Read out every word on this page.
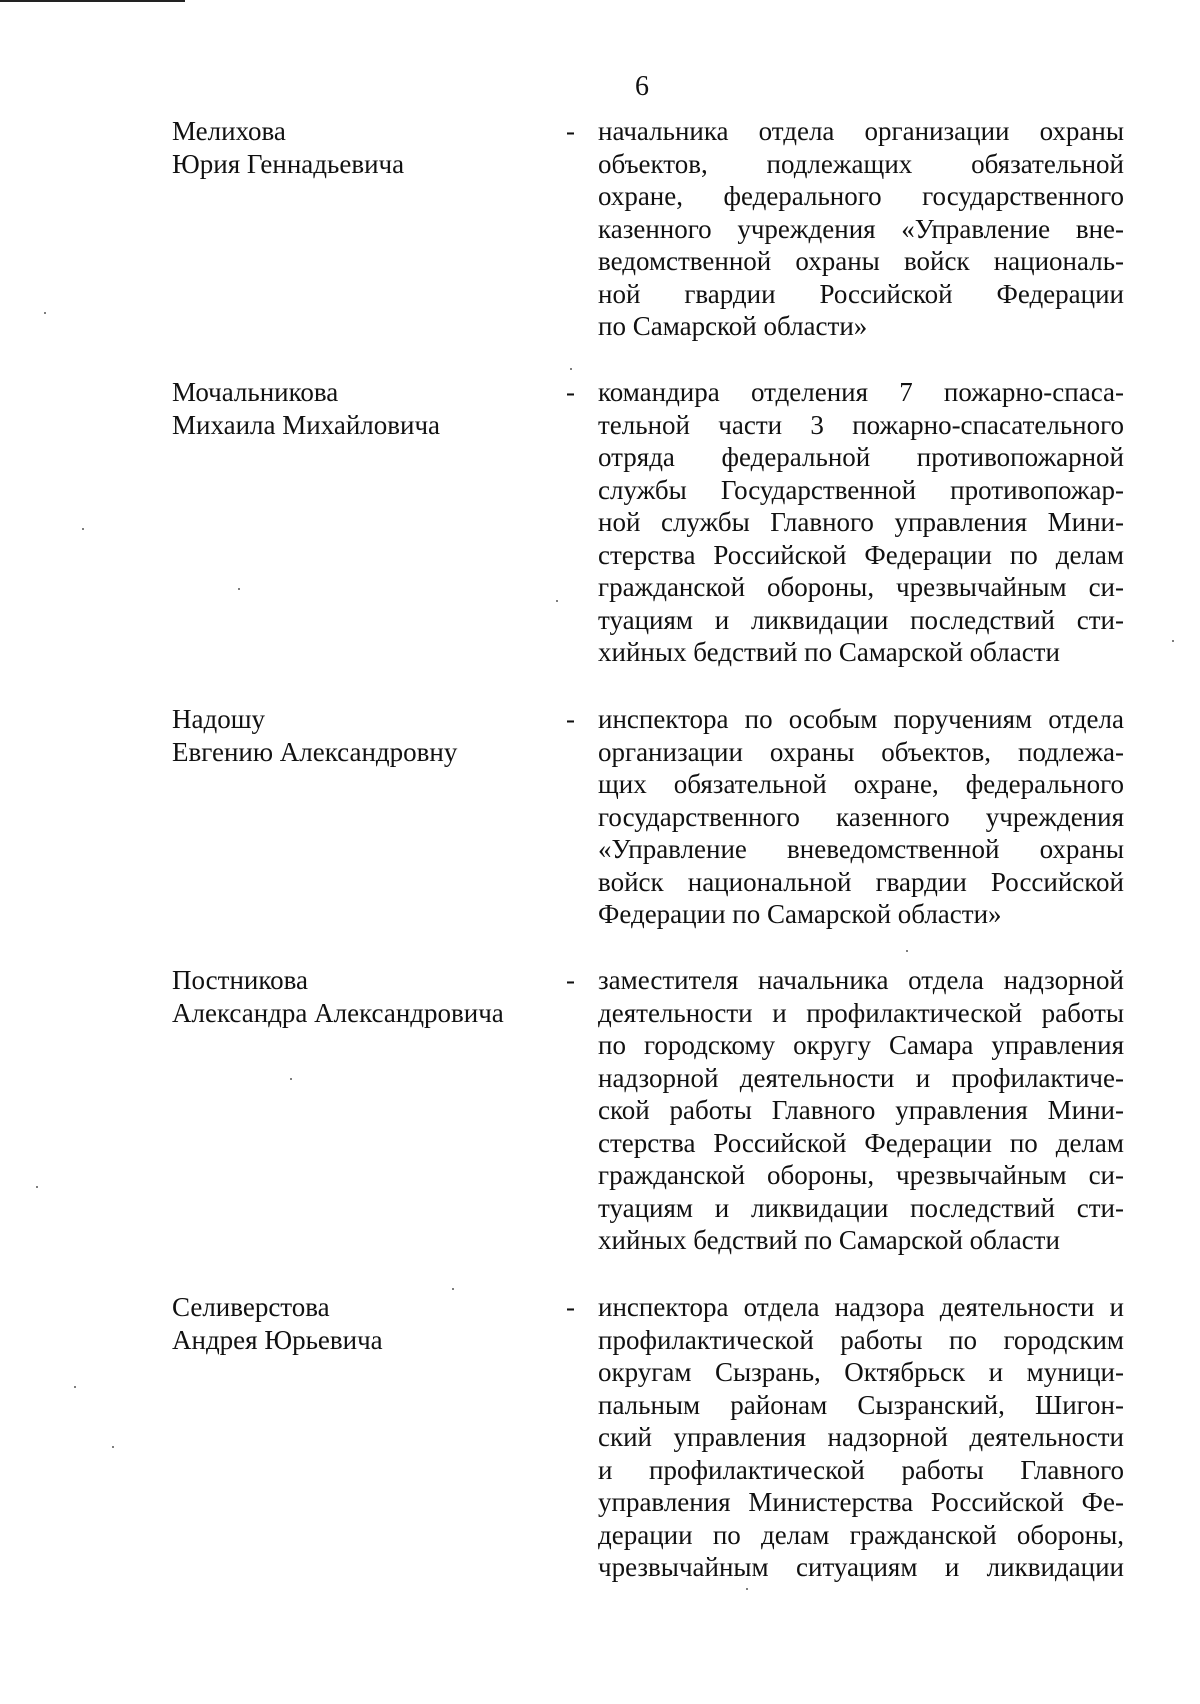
6
Мелихова
Юрия Геннадьевича
- начальника отдела организации охраны
объектов, подлежащих обязательной
охране, федерального государственного
казенного учреждения «Управление вне-
ведомственной охраны войск националь-
ной гвардии Российской Федерации
по Самарской области»
Мочальникова
Михаила Михайловича
- командира отделения 7 пожарно-спаса-
тельной части 3 пожарно-спасательного
отряда федеральной противопожарной
службы Государственной противопожар-
ной службы Главного управления Мини-
стерства Российской Федерации по делам
гражданской обороны, чрезвычайным си-
туациям и ликвидации последствий сти-
хийных бедствий по Самарской области
Надошу
Евгению Александровну
- инспектора по особым поручениям отдела
организации охраны объектов, подлежа-
щих обязательной охране, федерального
государственного казенного учреждения
«Управление вневедомственной охраны
войск национальной гвардии Российской
Федерации по Самарской области»
Постникова
Александра Александровича
- заместителя начальника отдела надзорной
деятельности и профилактической работы
по городскому округу Самара управления
надзорной деятельности и профилактиче-
ской работы Главного управления Мини-
стерства Российской Федерации по делам
гражданской обороны, чрезвычайным си-
туациям и ликвидации последствий сти-
хийных бедствий по Самарской области
Селиверстова
Андрея Юрьевича
- инспектора отдела надзора деятельности и
профилактической работы по городским
округам Сызрань, Октябрьск и муници-
пальным районам Сызранский, Шигон-
ский управления надзорной деятельности
и профилактической работы Главного
управления Министерства Российской Фе-
дерации по делам гражданской обороны,
чрезвычайным ситуациям и ликвидации
